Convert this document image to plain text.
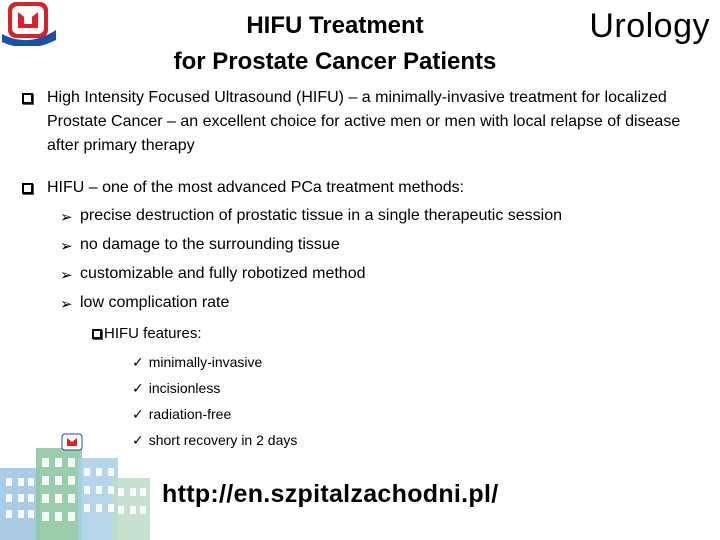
HIFU Treatment
for Prostate Cancer Patients
Urology
High Intensity Focused Ultrasound (HIFU) – a minimally-invasive treatment for localized Prostate Cancer – an excellent choice for active men or men with local relapse of disease after primary therapy
HIFU – one of the most advanced PCa treatment methods:
➢ precise destruction of prostatic tissue in a single therapeutic session
➢ no damage to the surrounding tissue
➢ customizable and fully robotized method
➢ low complication rate
HIFU features:
✓ minimally-invasive
✓ incisionless
✓ radiation-free
✓ short recovery in 2 days
http://en.szpitalzachodni.pl/
